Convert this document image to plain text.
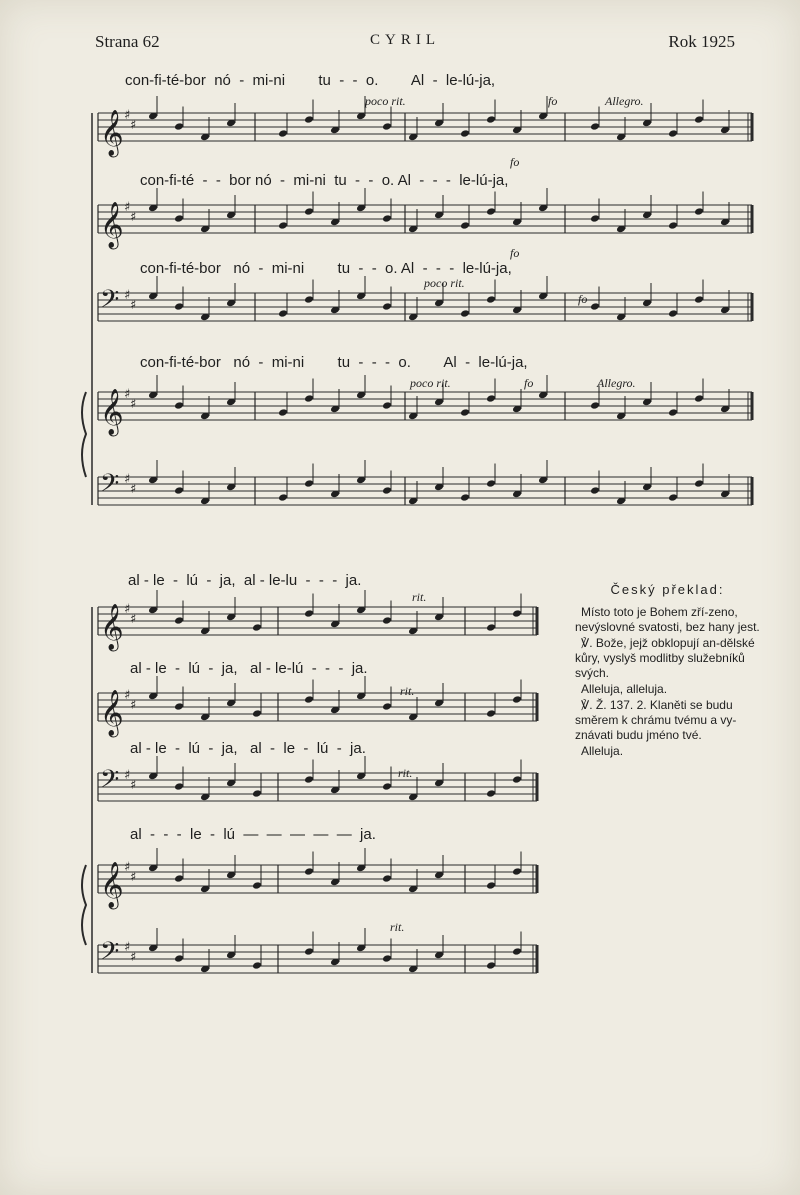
Strana 62	CYRIL	Rok 1925
con-fi-té-bor  nó  -  mi-ni        tu  -  -  o.        Al  -  le-lú-ja,
con-fi-té  -  -  bor nó  -  mi-ni  tu  -  -  o. Al  -  -  -  le-lú-ja,
con-fi-té-bor   nó  -  mi-ni        tu  -  -  o. Al  -  -  -  le-lú-ja,
con-fi-té-bor   nó  -  mi-ni        tu  -  -  -  o.        Al  -  le-lú-ja,
al - le  -  lú  -  ja,  al - le-lu  -  -  -  ja.
al - le  -  lú  -  ja,   al - le-lú  -  -  -  ja.
al - le  -  lú  -  ja,   al  -  le  -  lú  -  ja.
al  -  -  -  le  -  lú  —  —  —  —  —  ja.
poco rit.	fo	Allegro.
fo
fo
poco rit.
fo
poco rit.	fo	Allegro.
rit.
rit.
rit.
rit.
𝄞 ♯
♯
𝄞 ♯
♯
𝄢 ♯
♯
𝄞 ♯
♯
𝄢 ♯
♯
𝄞 ♯
♯
𝄞 ♯
♯
𝄢 ♯
♯
𝄞 ♯
♯
𝄢 ♯
♯
Český překlad:

Místo toto je Bohem zří-zeno, nevýslovné svatosti, bez hany jest.

℣. Bože, jejž obklopují an-dělské kůry, vyslyš modlitby služebníků svých.

Alleluja, alleluja.

℣. Ž. 137. 2. Klaněti se budu směrem k chrámu tvému a vy-znávati budu jméno tvé.

Alleluja.
